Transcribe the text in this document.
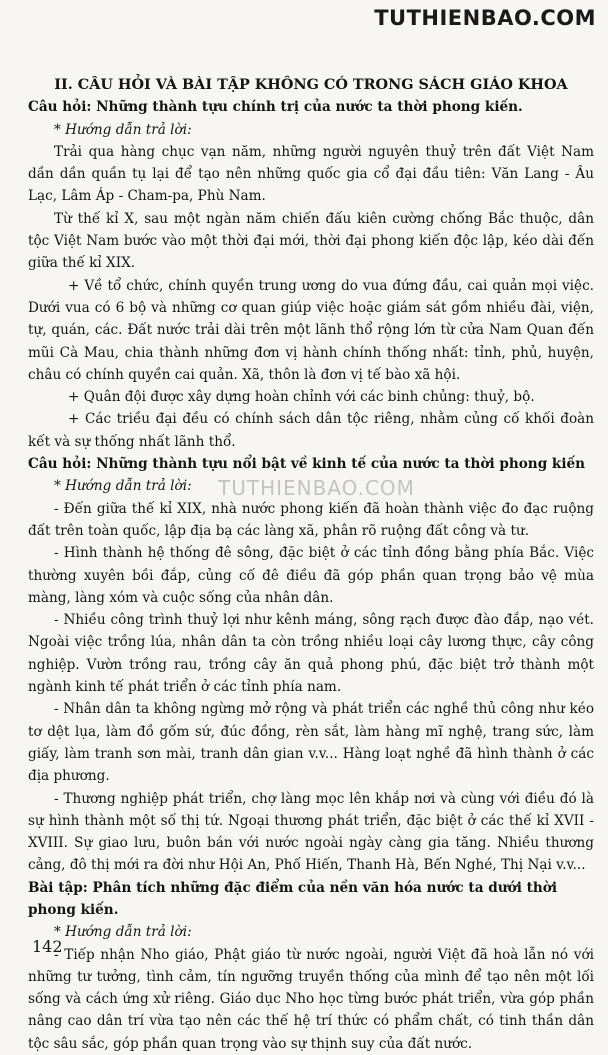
TUTHIENBAO.COM
TUTHIENBAO.COM
II. CÂU HỎI VÀ BÀI TẬP KHÔNG CÓ TRONG SÁCH GIÁO KHOA
Câu hỏi: Những thành tựu chính trị của nước ta thời phong kiến.
* Hướng dẫn trả lời:

Trải qua hàng chục vạn năm, những người nguyên thuỷ trên đất Việt Nam dần dần quần tụ lại để tạo nên những quốc gia cổ đại đầu tiên: Văn Lang - Âu Lạc, Lâm Áp - Cham-pa, Phù Nam.

Từ thế kỉ X, sau một ngàn năm chiến đấu kiên cường chống Bắc thuộc, dân tộc Việt Nam bước vào một thời đại mới, thời đại phong kiến độc lập, kéo dài đến giữa thế kỉ XIX.

+ Về tổ chức, chính quyền trung ương do vua đứng đầu, cai quản mọi việc. Dưới vua có 6 bộ và những cơ quan giúp việc hoặc giám sát gồm nhiều đài, viện, tự, quán, các. Đất nước trải dài trên một lãnh thổ rộng lớn từ cửa Nam Quan đến mũi Cà Mau, chia thành những đơn vị hành chính thống nhất: tỉnh, phủ, huyện, châu có chính quyền cai quản. Xã, thôn là đơn vị tế bào xã hội.

+ Quân đội được xây dựng hoàn chỉnh với các binh chủng: thuỷ, bộ.

+ Các triều đại đều có chính sách dân tộc riêng, nhằm củng cố khối đoàn kết và sự thống nhất lãnh thổ.

Câu hỏi: Những thành tựu nổi bật về kinh tế của nước ta thời phong kiến
* Hướng dẫn trả lời:

- Đến giữa thế kỉ XIX, nhà nước phong kiến đã hoàn thành việc đo đạc ruộng đất trên toàn quốc, lập địa bạ các làng xã, phân rõ ruộng đất công và tư.

- Hình thành hệ thống đê sông, đặc biệt ở các tỉnh đồng bằng phía Bắc. Việc thường xuyên bồi đắp, củng cố đê điều đã góp phần quan trọng bảo vệ mùa màng, làng xóm và cuộc sống của nhân dân.

- Nhiều công trình thuỷ lợi như kênh máng, sông rạch được đào đắp, nạo vét. Ngoài việc trồng lúa, nhân dân ta còn trồng nhiều loại cây lương thực, cây công nghiệp. Vườn trồng rau, trồng cây ăn quả phong phú, đặc biệt trở thành một ngành kinh tế phát triển ở các tỉnh phía nam.

- Nhân dân ta không ngừng mở rộng và phát triển các nghề thủ công như kéo tơ dệt lụa, làm đồ gốm sứ, đúc đồng, rèn sắt, làm hàng mĩ nghệ, trang sức, làm giấy, làm tranh sơn mài, tranh dân gian v.v... Hàng loạt nghề đã hình thành ở các địa phương.

- Thương nghiệp phát triển, chợ làng mọc lên khắp nơi và cùng với điều đó là sự hình thành một số thị tứ. Ngoại thương phát triển, đặc biệt ở các thế kỉ XVII - XVIII. Sự giao lưu, buôn bán với nước ngoài ngày càng gia tăng. Nhiều thương cảng, đô thị mới ra đời như Hội An, Phố Hiến, Thanh Hà, Bến Nghé, Thị Nại v.v...

Bài tập: Phân tích những đặc điểm của nền văn hóa nước ta dưới thời phong kiến.
* Hướng dẫn trả lời:

- Tiếp nhận Nho giáo, Phật giáo từ nước ngoài, người Việt đã hoà lẫn nó với những tư tưởng, tình cảm, tín ngưỡng truyền thống của mình để tạo nên một lối sống và cách ứng xử riêng. Giáo dục Nho học từng bước phát triển, vừa góp phần nâng cao dân trí vừa tạo nên các thế hệ trí thức có phẩm chất, có tinh thần dân tộc sâu sắc, góp phần quan trọng vào sự thịnh suy của đất nước.

142
